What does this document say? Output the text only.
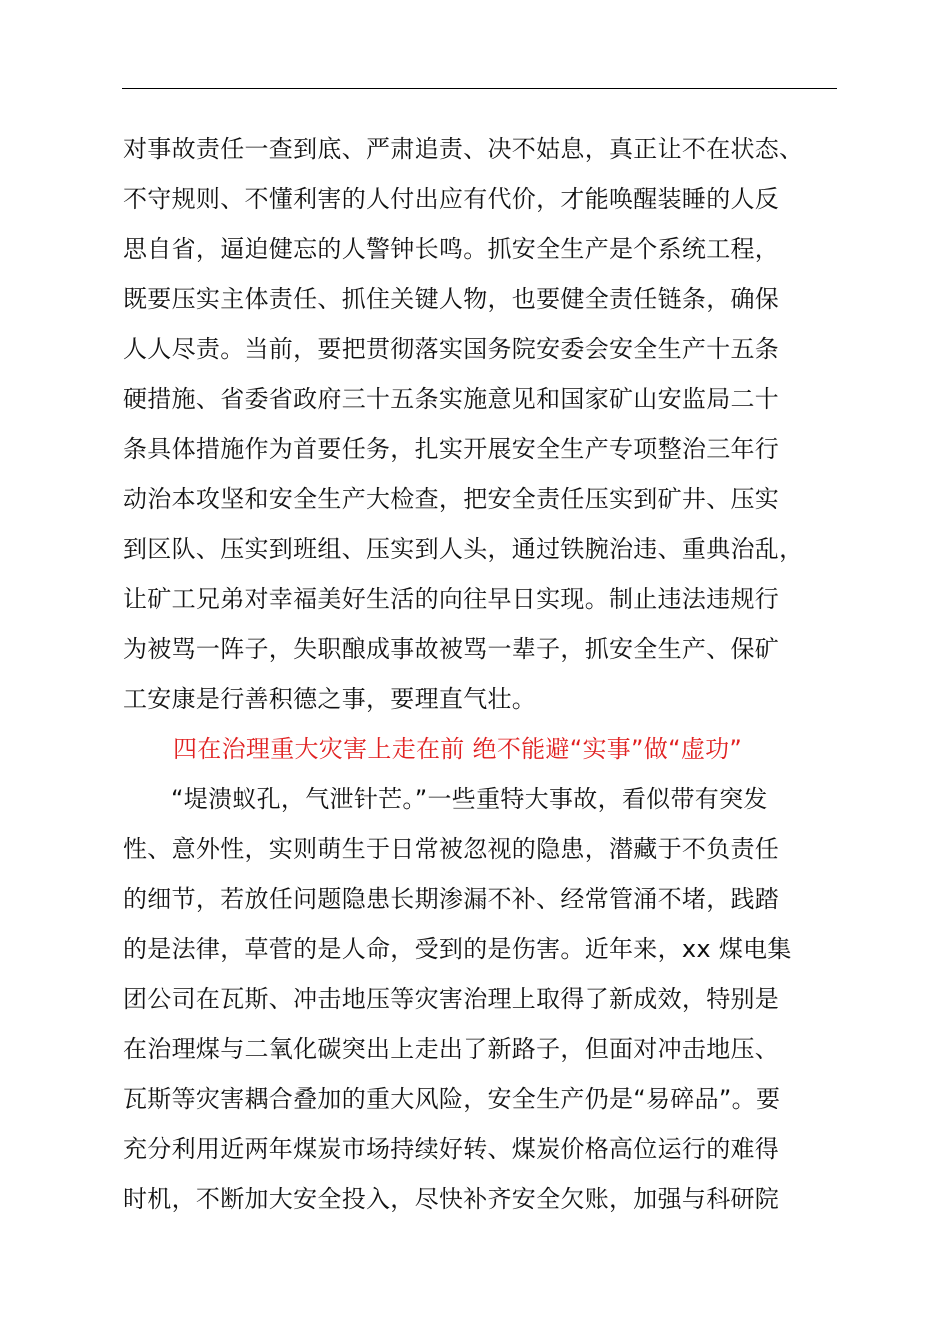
对事故责任一查到底、严肃追责、决不姑息，真正让不在状态、
不守规则、不懂利害的人付出应有代价，才能唤醒装睡的人反
思自省，逼迫健忘的人警钟长鸣。抓安全生产是个系统工程，
既要压实主体责任、抓住关键人物，也要健全责任链条，确保
人人尽责。当前，要把贯彻落实国务院安委会安全生产十五条
硬措施、省委省政府三十五条实施意见和国家矿山安监局二十
条具体措施作为首要任务，扎实开展安全生产专项整治三年行
动治本攻坚和安全生产大检查，把安全责任压实到矿井、压实
到区队、压实到班组、压实到人头，通过铁腕治违、重典治乱，
让矿工兄弟对幸福美好生活的向往早日实现。制止违法违规行
为被骂一阵子，失职酿成事故被骂一辈子，抓安全生产、保矿
工安康是行善积德之事，要理直气壮。
四在治理重大灾害上走在前 绝不能避“实事”做“虚功”
“堤溃蚁孔，气泄针芒。”一些重特大事故，看似带有突发
性、意外性，实则萌生于日常被忽视的隐患，潜藏于不负责任
的细节，若放任问题隐患长期渗漏不补、经常管涌不堵，践踏
的是法律，草菅的是人命，受到的是伤害。近年来，xx 煤电集
团公司在瓦斯、冲击地压等灾害治理上取得了新成效，特别是
在治理煤与二氧化碳突出上走出了新路子，但面对冲击地压、
瓦斯等灾害耦合叠加的重大风险，安全生产仍是“易碎品”。要
充分利用近两年煤炭市场持续好转、煤炭价格高位运行的难得
时机，不断加大安全投入，尽快补齐安全欠账，加强与科研院
